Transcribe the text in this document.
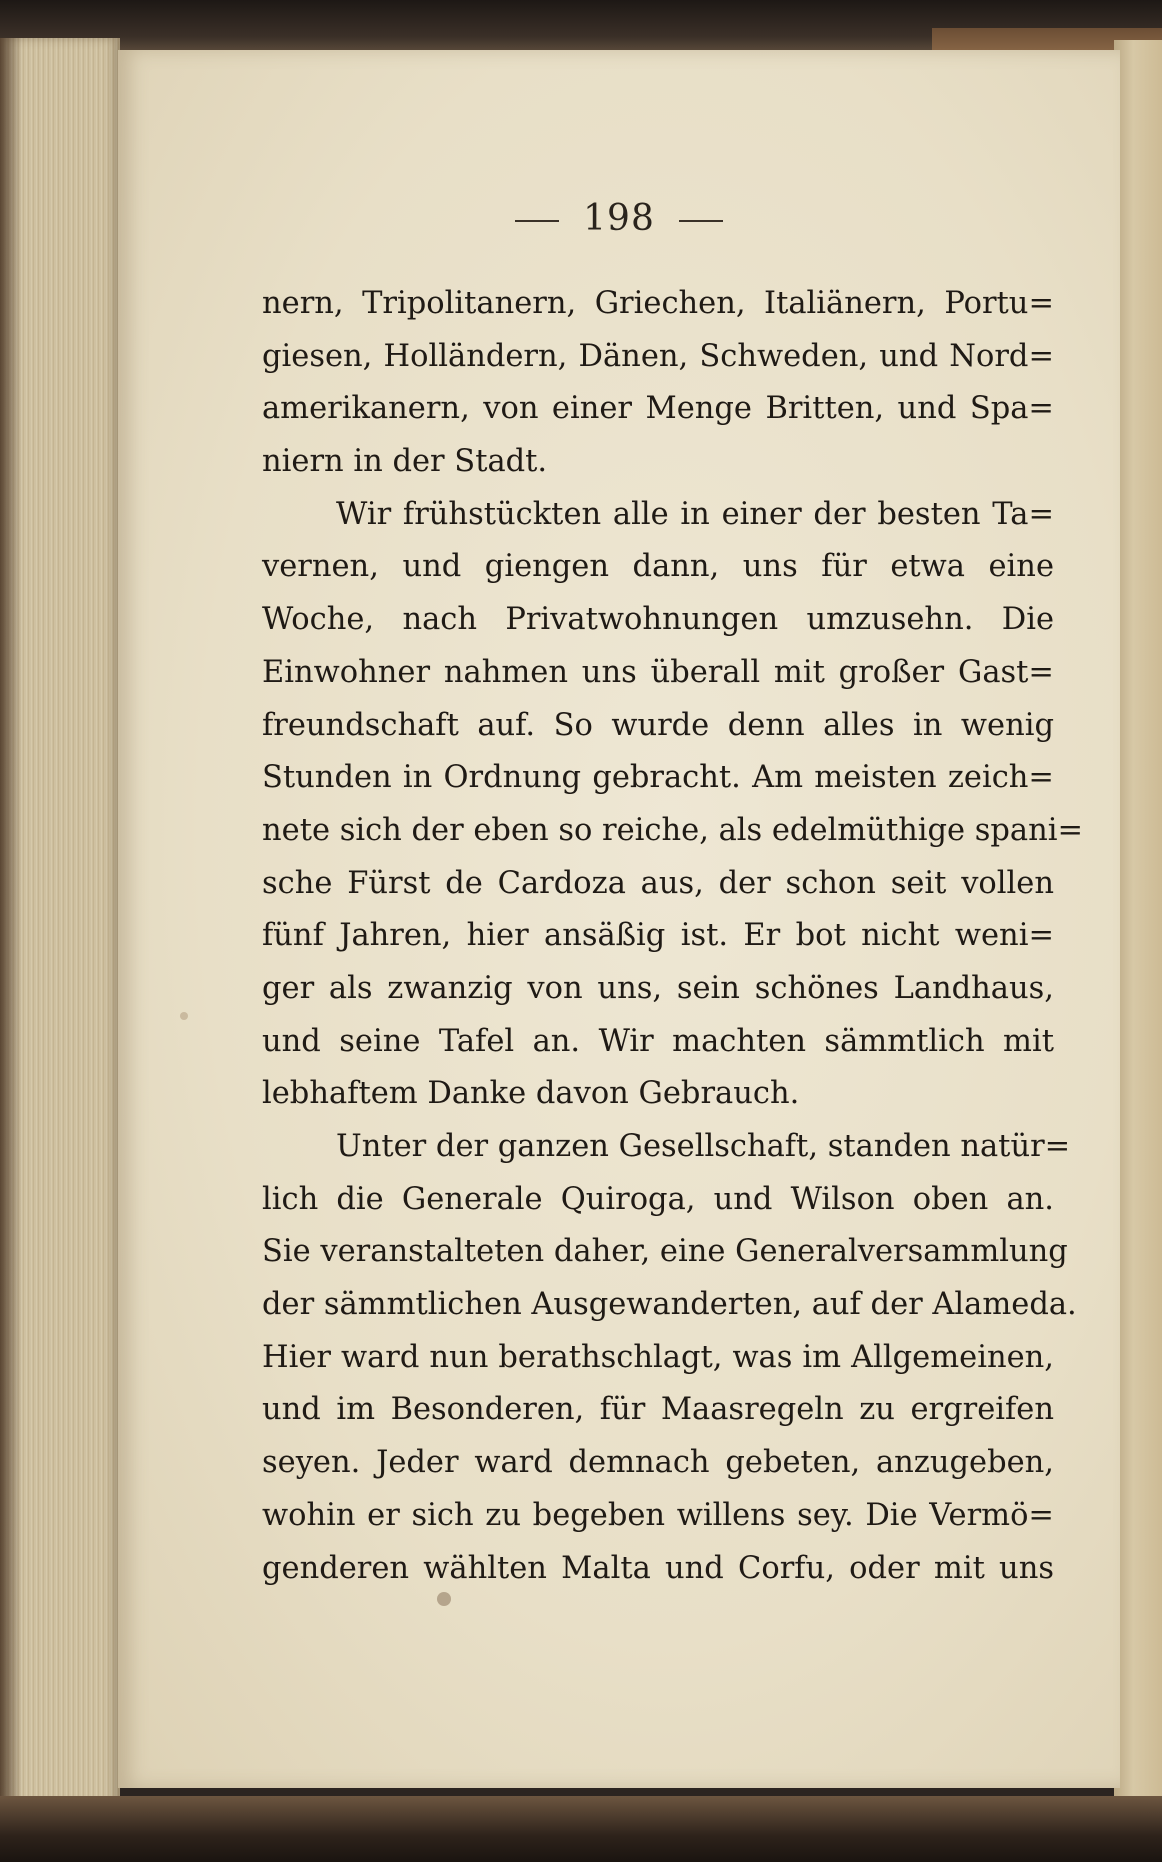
198
nern, Tripolitanern, Griechen, Italiänern, Portu=
giesen, Holländern, Dänen, Schweden, und Nord=
amerikanern, von einer Menge Britten, und Spa=
niern in der Stadt.
Wir frühstückten alle in einer der besten Ta=
vernen, und giengen dann, uns für etwa eine
Woche, nach Privatwohnungen umzusehn. Die
Einwohner nahmen uns überall mit großer Gast=
freundschaft auf. So wurde denn alles in wenig
Stunden in Ordnung gebracht. Am meisten zeich=
nete sich der eben so reiche, als edelmüthige spani=
sche Fürst de Cardoza aus, der schon seit vollen
fünf Jahren, hier ansäßig ist. Er bot nicht weni=
ger als zwanzig von uns, sein schönes Landhaus,
und seine Tafel an. Wir machten sämmtlich mit
lebhaftem Danke davon Gebrauch.
Unter der ganzen Gesellschaft, standen natür=
lich die Generale Quiroga, und Wilson oben an.
Sie veranstalteten daher, eine Generalversammlung
der sämmtlichen Ausgewanderten, auf der Alameda.
Hier ward nun berathschlagt, was im Allgemeinen,
und im Besonderen, für Maasregeln zu ergreifen
seyen. Jeder ward demnach gebeten, anzugeben,
wohin er sich zu begeben willens sey. Die Vermö=
genderen wählten Malta und Corfu, oder mit uns
